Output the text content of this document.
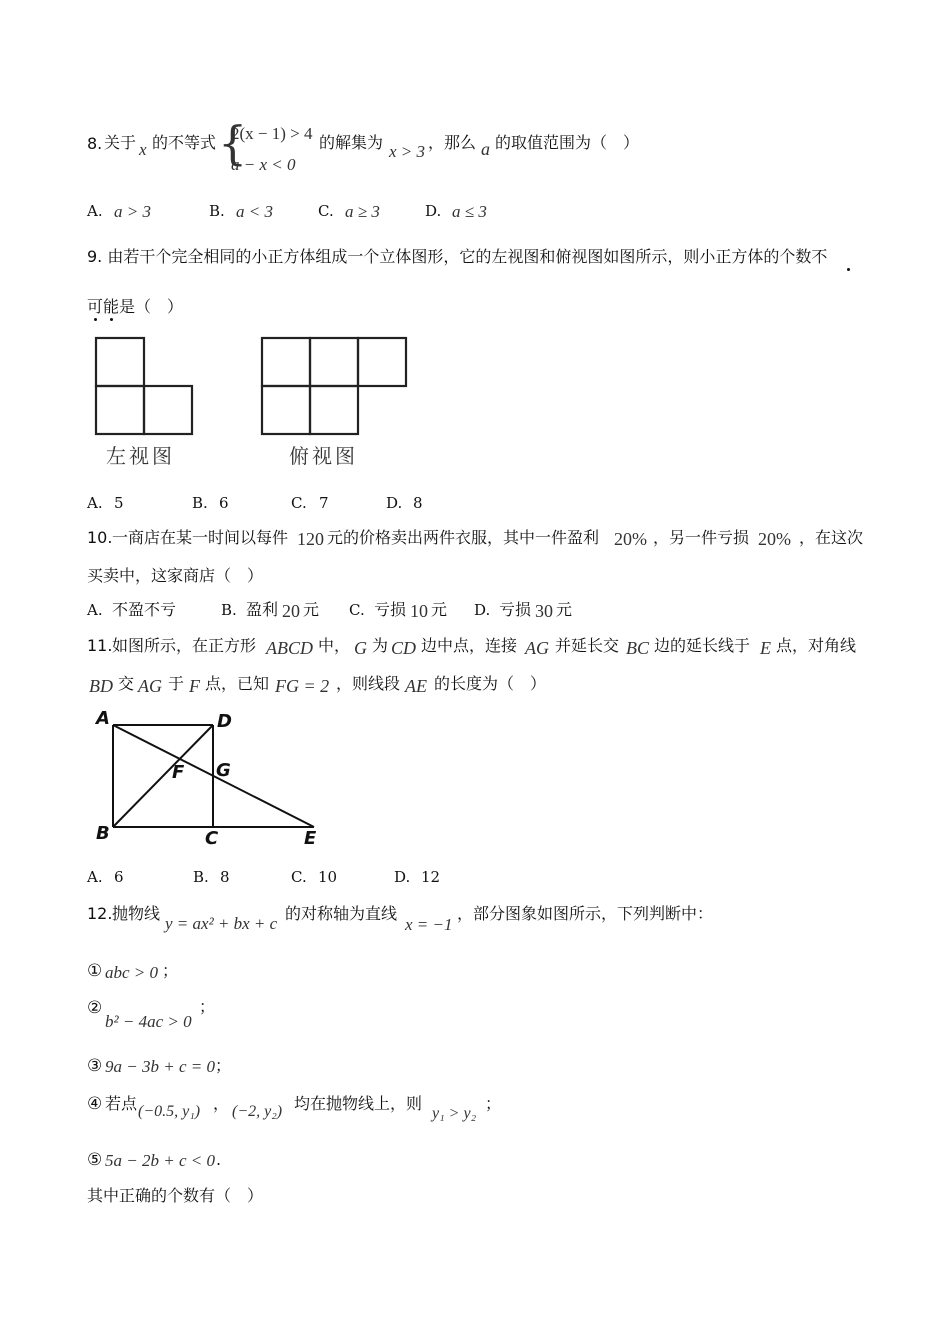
8. 关于 x 的不等式 {
2(x − 1) > 4
a − x < 0
的解集为 x > 3 ，那么 a 的取值范围为（　）
A. a > 3	B. a < 3	C. a ≥ 3	D. a ≤ 3
9. 由若干个完全相同的小正方体组成一个立体图形，它的左视图和俯视图如图所示，则小正方体的个数不
可能是（　）
左视图	俯视图
A. 5	B. 6	C. 7	D. 8
10. 一商店在某一时间以每件 120 元的价格卖出两件衣服，其中一件盈利 20% ，另一件亏损 20% ，在这次
买卖中，这家商店（　）
A. 不盈不亏	B. 盈利 20 元 C. 亏损 10 元 D. 亏损 30 元
11. 如图所示，在正方形 ABCD 中， G 为 CD 边中点，连接 AG 并延长交 BC 边的延长线于 E 点，对角线
BD 交 AG 于 F 点，已知 FG = 2 ，则线段 AE 的长度为（　）
A	D
F G
B	C	E
A. 6	B. 8	C. 10	D. 12
12. 抛物线
y = ax² + bx + c
的对称轴为直线
x = −1
，部分图象如图所示，下列判断中：
① abc > 0 ；
②
b² − 4ac > 0
；
③ 9a − 3b + c = 0 ；
④ 若点 (−0.5, y₁) ， (−2, y₂) 均在抛物线上，则
y₁ > y₂
；
⑤ 5a − 2b + c < 0 .
其中正确的个数有（　）
